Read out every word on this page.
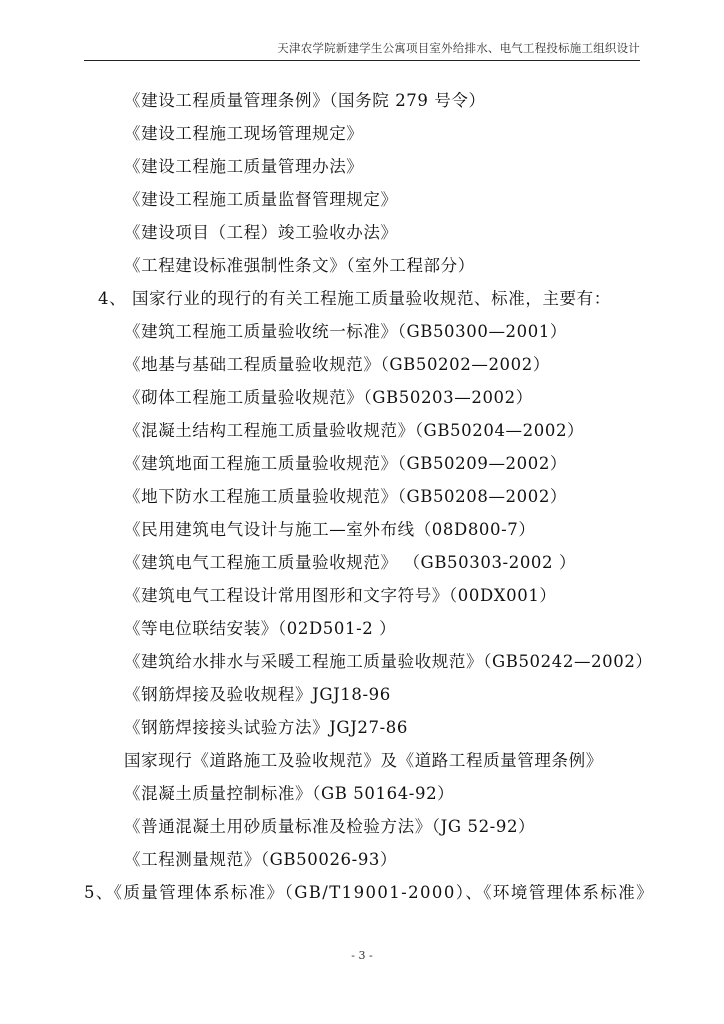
天津农学院新建学生公寓项目室外给排水、电气工程投标施工组织设计
《建设工程质量管理条例》（国务院 279 号令）
《建设工程施工现场管理规定》
《建设工程施工质量管理办法》
《建设工程施工质量监督管理规定》
《建设项目（工程）竣工验收办法》
《工程建设标准强制性条文》（室外工程部分）
4、 国家行业的现行的有关工程施工质量验收规范、标准，主要有：
《建筑工程施工质量验收统一标准》（GB50300—2001）
《地基与基础工程质量验收规范》（GB50202—2002）
《砌体工程施工质量验收规范》（GB50203—2002）
《混凝土结构工程施工质量验收规范》（GB50204—2002）
《建筑地面工程施工质量验收规范》（GB50209—2002）
《地下防水工程施工质量验收规范》（GB50208—2002）
《民用建筑电气设计与施工—室外布线（08D800-7）
《建筑电气工程施工质量验收规范》 （GB50303-2002 ）
《建筑电气工程设计常用图形和文字符号》（00DX001）
《等电位联结安装》（02D501-2 ）
《建筑给水排水与采暖工程施工质量验收规范》（GB50242—2002）
《钢筋焊接及验收规程》JGJ18-96
《钢筋焊接接头试验方法》JGJ27-86
国家现行《道路施工及验收规范》及《道路工程质量管理条例》
《混凝土质量控制标准》（GB 50164-92）
《普通混凝土用砂质量标准及检验方法》（JG 52-92）
《工程测量规范》（GB50026-93）
5、《质量管理体系标准》（GB/T19001-2000）、《环境管理体系标准》
- 3 -
